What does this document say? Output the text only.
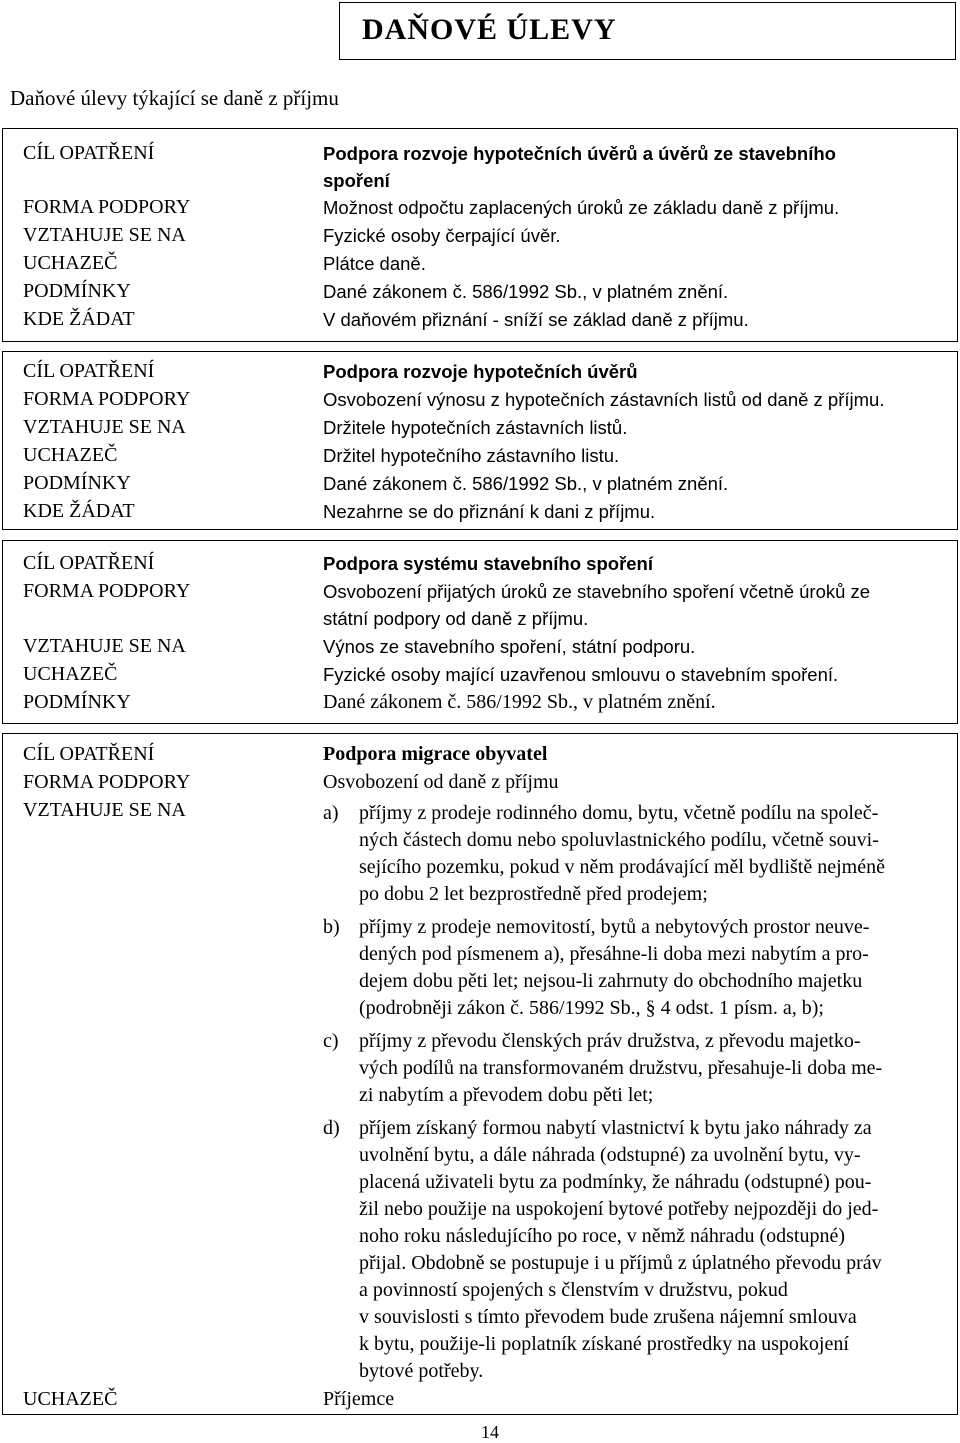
DAŇOVÉ ÚLEVY
Daňové úlevy týkající se daně z příjmu
CÍL OPATŘENÍ	Podpora rozvoje hypotečních úvěrů a úvěrů ze stavebního
spoření
FORMA PODPORY	Možnost odpočtu zaplacených úroků ze základu daně z příjmu.
VZTAHUJE SE NA	Fyzické osoby čerpající úvěr.
UCHAZEČ	Plátce daně.
PODMÍNKY	Dané zákonem č. 586/1992 Sb., v platném znění.
KDE ŽÁDAT	V daňovém přiznání - sníží se základ daně z příjmu.
CÍL OPATŘENÍ	Podpora rozvoje hypotečních úvěrů
FORMA PODPORY	Osvobození výnosu z hypotečních zástavních listů od daně z příjmu.
VZTAHUJE SE NA	Držitele hypotečních zástavních listů.
UCHAZEČ	Držitel hypotečního zástavního listu.
PODMÍNKY	Dané zákonem č. 586/1992 Sb., v platném znění.
KDE ŽÁDAT	Nezahrne se do přiznání k dani z příjmu.
CÍL OPATŘENÍ	Podpora systému stavebního spoření
FORMA PODPORY	Osvobození přijatých úroků ze stavebního spoření včetně úroků ze
státní podpory od daně z příjmu.
VZTAHUJE SE NA	Výnos ze stavebního spoření, státní podporu.
UCHAZEČ	Fyzické osoby mající uzavřenou smlouvu o stavebním spoření.
PODMÍNKY	Dané zákonem č. 586/1992 Sb., v platném znění.
CÍL OPATŘENÍ	Podpora migrace obyvatel
FORMA PODPORY	Osvobození od daně z příjmu
VZTAHUJE SE NA	a) příjmy z prodeje rodinného domu, bytu, včetně podílu na společ-
ných částech domu nebo spoluvlastnického podílu, včetně souvi-
sejícího pozemku, pokud v něm prodávající měl bydliště nejméně
po dobu 2 let bezprostředně před prodejem;
b) příjmy z prodeje nemovitostí, bytů a nebytových prostor neuve-
dených pod písmenem a), přesáhne-li doba mezi nabytím a pro-
dejem dobu pěti let; nejsou-li zahrnuty do obchodního majetku
(podrobněji zákon č. 586/1992 Sb., § 4 odst. 1 písm. a, b);
c) příjmy z převodu členských práv družstva, z převodu majetko-
vých podílů na transformovaném družstvu, přesahuje-li doba me-
zi nabytím a převodem dobu pěti let;
d) příjem získaný formou nabytí vlastnictví k bytu jako náhrady za
uvolnění bytu, a dále náhrada (odstupné) za uvolnění bytu, vy-
placená uživateli bytu za podmínky, že náhradu (odstupné) pou-
žil nebo použije na uspokojení bytové potřeby nejpozději do jed-
noho roku následujícího po roce, v němž náhradu (odstupné)
přijal. Obdobně se postupuje i u příjmů z úplatného převodu práv
a povinností spojených s členstvím v družstvu, pokud
v souvislosti s tímto převodem bude zrušena nájemní smlouva
k bytu, použije-li poplatník získané prostředky na uspokojení
bytové potřeby.
UCHAZEČ	Příjemce
14
